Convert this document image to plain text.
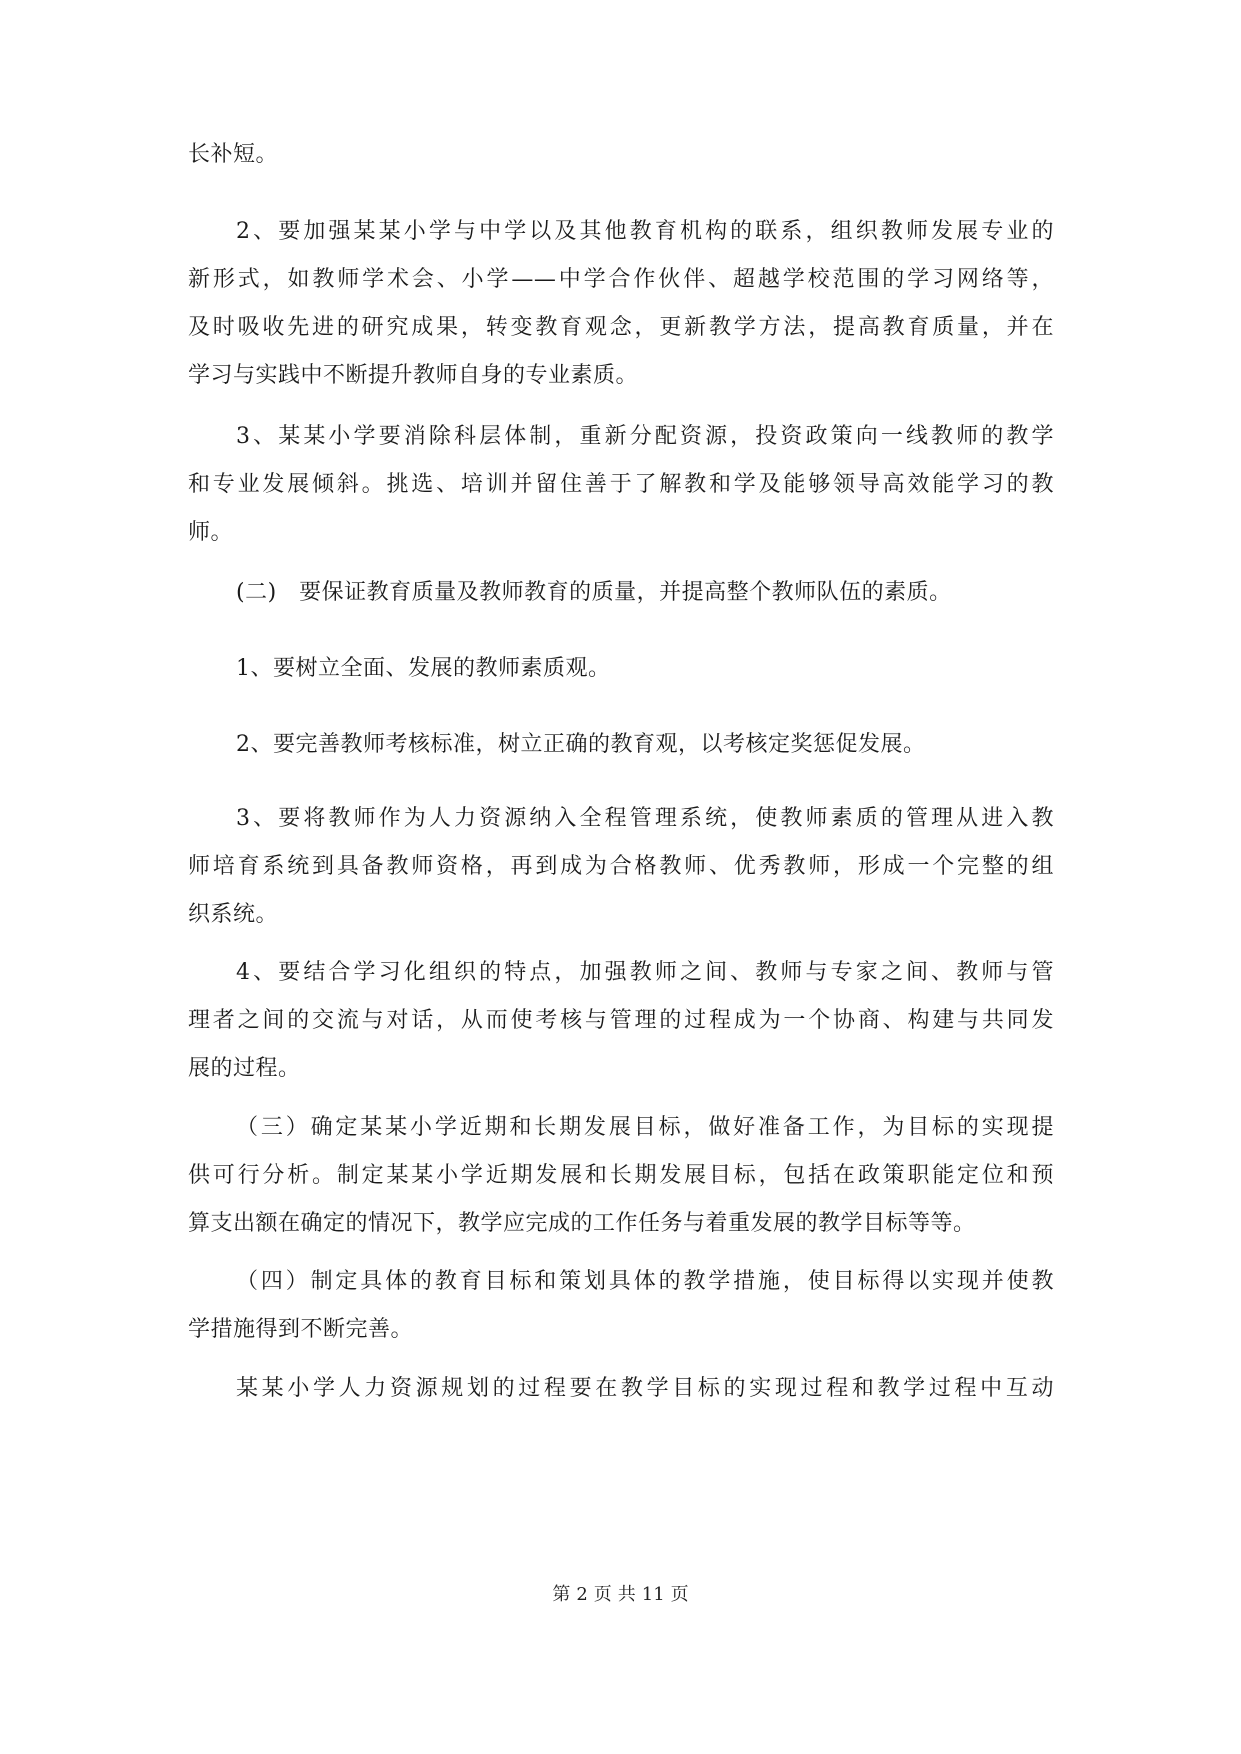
长补短。
2、要加强某某小学与中学以及其他教育机构的联系，组织教师发展专业的
新形式，如教师学术会、小学——中学合作伙伴、超越学校范围的学习网络等，
及时吸收先进的研究成果，转变教育观念，更新教学方法，提高教育质量，并在
学习与实践中不断提升教师自身的专业素质。
3、某某小学要消除科层体制，重新分配资源，投资政策向一线教师的教学
和专业发展倾斜。挑选、培训并留住善于了解教和学及能够领导高效能学习的教
师。
(二)   要保证教育质量及教师教育的质量，并提高整个教师队伍的素质。
1、要树立全面、发展的教师素质观。
2、要完善教师考核标准，树立正确的教育观，以考核定奖惩促发展。
3、要将教师作为人力资源纳入全程管理系统，使教师素质的管理从进入教
师培育系统到具备教师资格，再到成为合格教师、优秀教师，形成一个完整的组
织系统。
4、要结合学习化组织的特点，加强教师之间、教师与专家之间、教师与管
理者之间的交流与对话，从而使考核与管理的过程成为一个协商、构建与共同发
展的过程。
（三）确定某某小学近期和长期发展目标，做好准备工作，为目标的实现提
供可行分析。制定某某小学近期发展和长期发展目标，包括在政策职能定位和预
算支出额在确定的情况下，教学应完成的工作任务与着重发展的教学目标等等。
（四）制定具体的教育目标和策划具体的教学措施，使目标得以实现并使教
学措施得到不断完善。
某某小学人力资源规划的过程要在教学目标的实现过程和教学过程中互动
第 2 页 共 11 页
